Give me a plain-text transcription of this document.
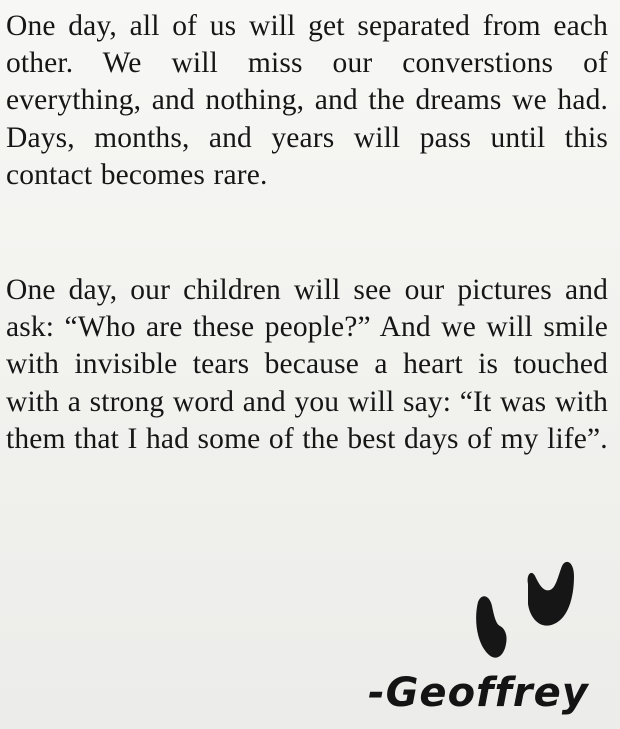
One day, all of us will get separated from each other. We will miss our converstions of everything, and nothing, and the dreams we had. Days, months, and years will pass until this contact becomes rare.

One day, our children will see our pictures and ask: “Who are these people?” And we will smile with invisible tears because a heart is touched with a strong word and you will say: “It was with them that I had some of the best days of my life”.

-Geoffrey
